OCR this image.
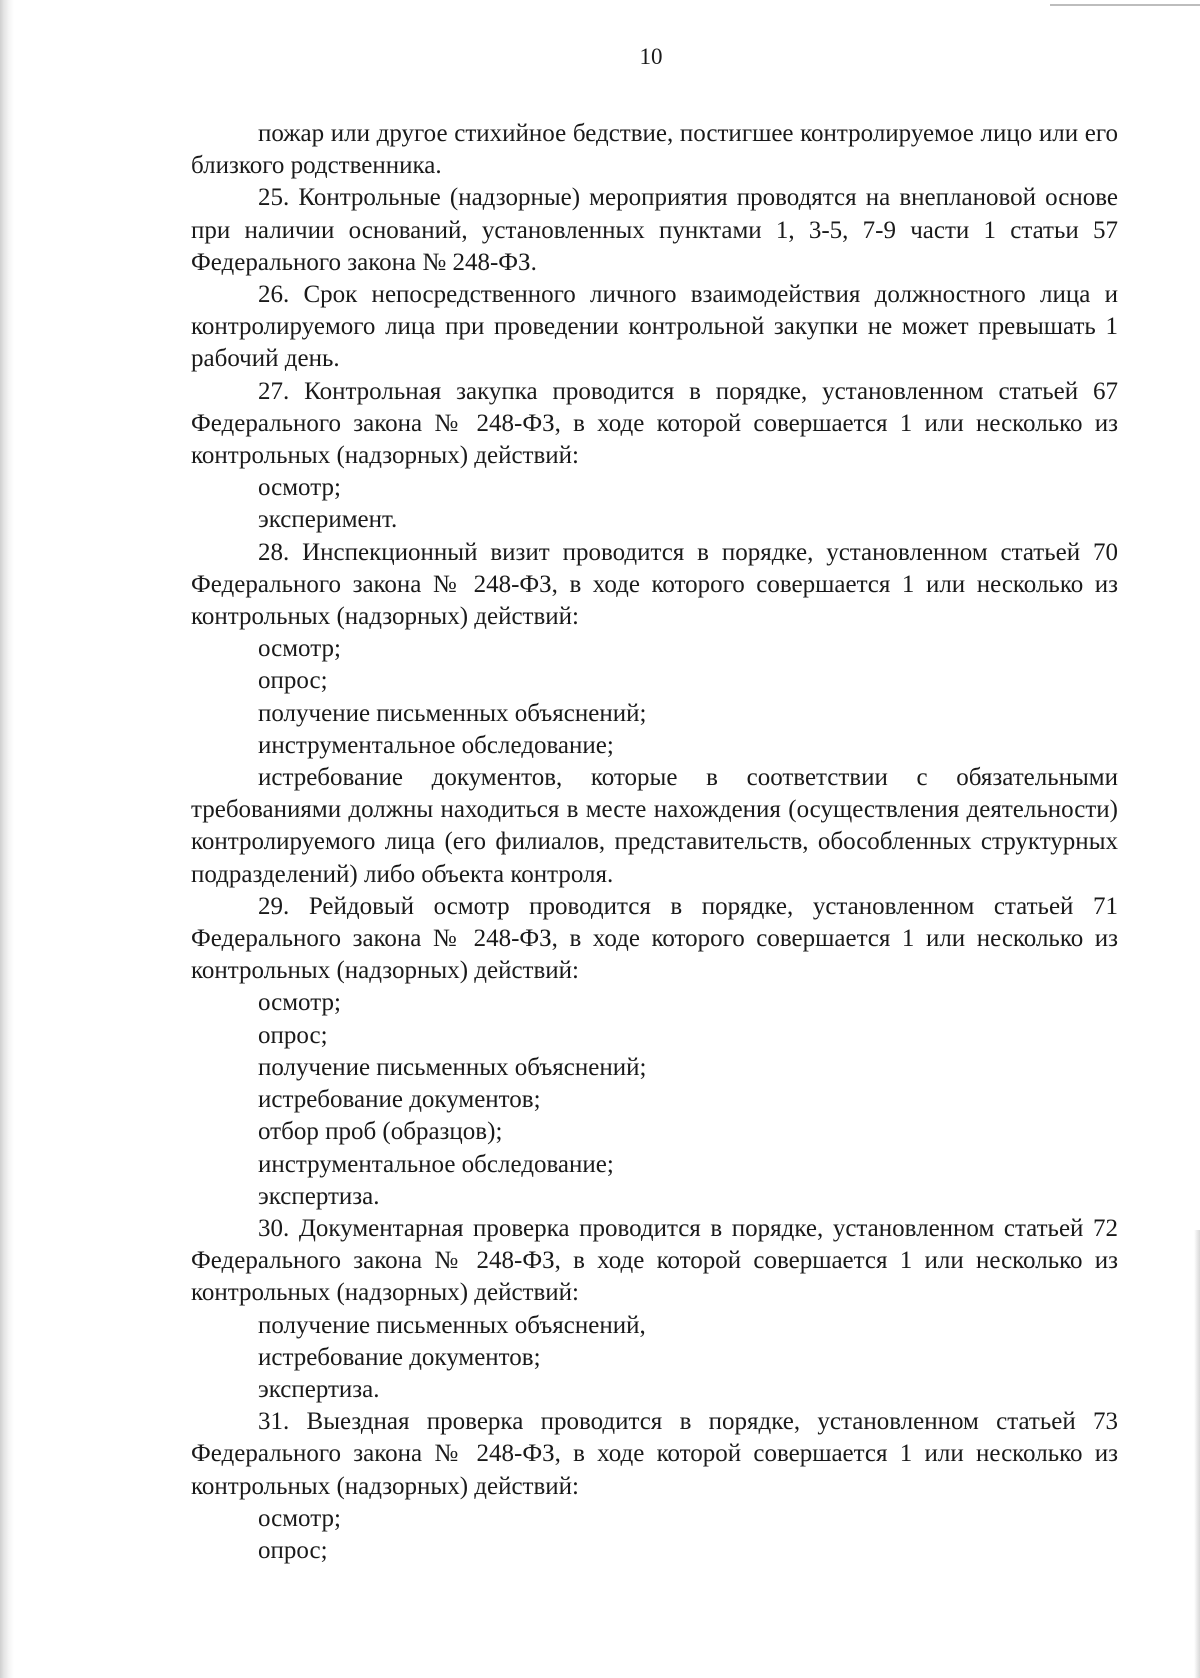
10

пожар или другое стихийное бедствие, постигшее контролируемое лицо или его близкого родственника.

25. Контрольные (надзорные) мероприятия проводятся на внеплановой основе при наличии оснований, установленных пунктами 1, 3-5, 7-9 части 1 статьи 57 Федерального закона № 248-ФЗ.

26. Срок непосредственного личного взаимодействия должностного лица и контролируемого лица при проведении контрольной закупки не может превышать 1 рабочий день.

27. Контрольная закупка проводится в порядке, установленном статьей 67 Федерального закона № 248-ФЗ, в ходе которой совершается 1 или несколько из контрольных (надзорных) действий:

осмотр;

эксперимент.

28. Инспекционный визит проводится в порядке, установленном статьей 70 Федерального закона № 248-ФЗ, в ходе которого совершается 1 или несколько из контрольных (надзорных) действий:

осмотр;

опрос;

получение письменных объяснений;

инструментальное обследование;

истребование документов, которые в соответствии с обязательными требованиями должны находиться в месте нахождения (осуществления деятельности) контролируемого лица (его филиалов, представительств, обособленных структурных подразделений) либо объекта контроля.

29. Рейдовый осмотр проводится в порядке, установленном статьей 71 Федерального закона № 248-ФЗ, в ходе которого совершается 1 или несколько из контрольных (надзорных) действий:

осмотр;

опрос;

получение письменных объяснений;

истребование документов;

отбор проб (образцов);

инструментальное обследование;

экспертиза.

30. Документарная проверка проводится в порядке, установленном статьей 72 Федерального закона № 248-ФЗ, в ходе которой совершается 1 или несколько из контрольных (надзорных) действий:

получение письменных объяснений,

истребование документов;

экспертиза.

31. Выездная проверка проводится в порядке, установленном статьей 73 Федерального закона № 248-ФЗ, в ходе которой совершается 1 или несколько из контрольных (надзорных) действий:

осмотр;

опрос;
